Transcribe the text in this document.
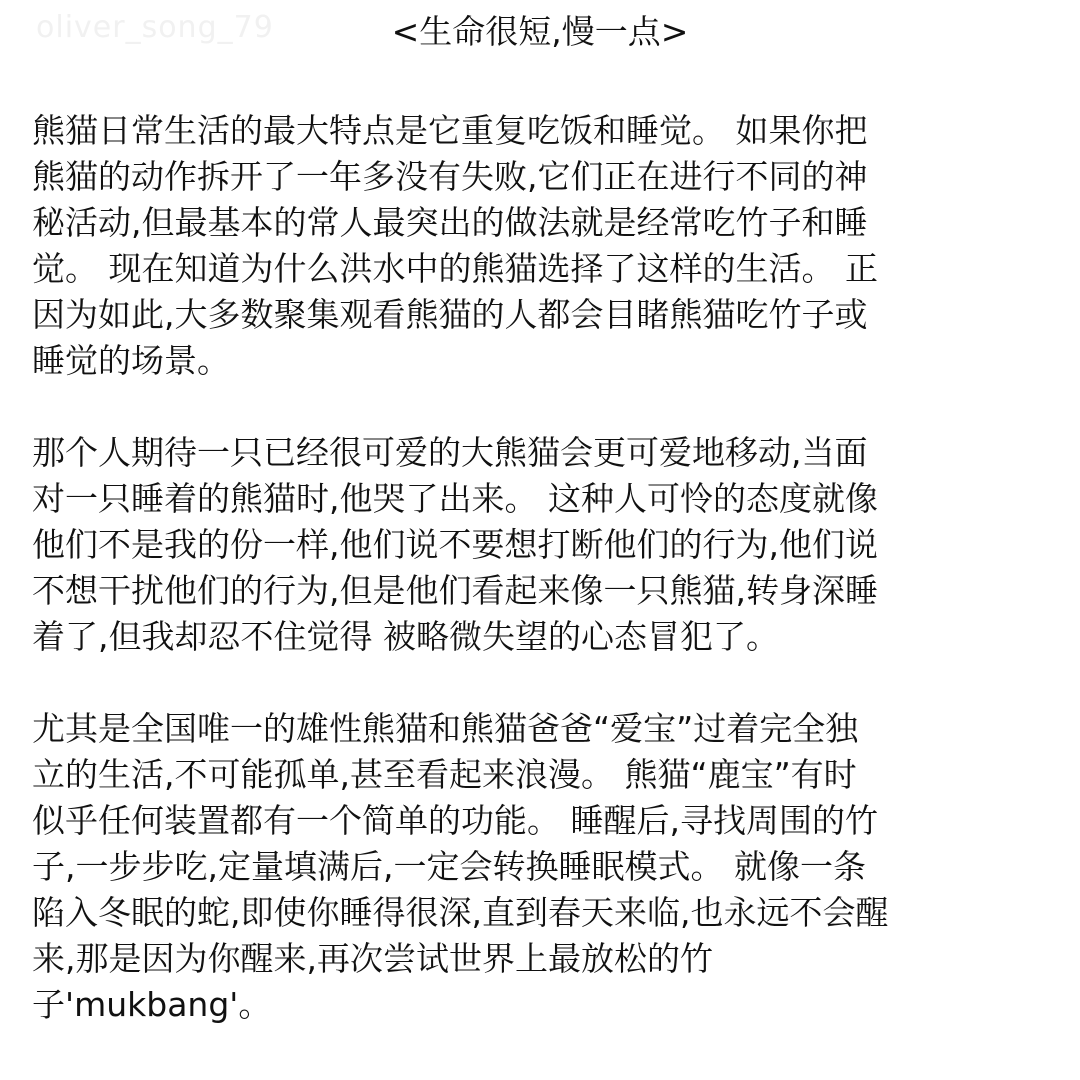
oliver_song_79	<生命很短,慢一点>

熊猫日常生活的最大特点是它重复吃饭和睡觉。 如果你把
熊猫的动作拆开了一年多没有失败,它们正在进行不同的神
秘活动,但最基本的常人最突出的做法就是经常吃竹子和睡
觉。 现在知道为什么洪水中的熊猫选择了这样的生活。 正
因为如此,大多数聚集观看熊猫的人都会目睹熊猫吃竹子或
睡觉的场景。

那个人期待一只已经很可爱的大熊猫会更可爱地移动,当面
对一只睡着的熊猫时,他哭了出来。 这种人可怜的态度就像
他们不是我的份一样,他们说不要想打断他们的行为,他们说
不想干扰他们的行为,但是他们看起来像一只熊猫,转身深睡
着了,但我却忍不住觉得 被略微失望的心态冒犯了。

尤其是全国唯一的雄性熊猫和熊猫爸爸“爱宝”过着完全独
立的生活,不可能孤单,甚至看起来浪漫。 熊猫“鹿宝”有时
似乎任何装置都有一个简单的功能。 睡醒后,寻找周围的竹
子,一步步吃,定量填满后,一定会转换睡眠模式。 就像一条
陷入冬眠的蛇,即使你睡得很深,直到春天来临,也永远不会醒
来,那是因为你醒来,再次尝试世界上最放松的竹
子'mukbang'。
